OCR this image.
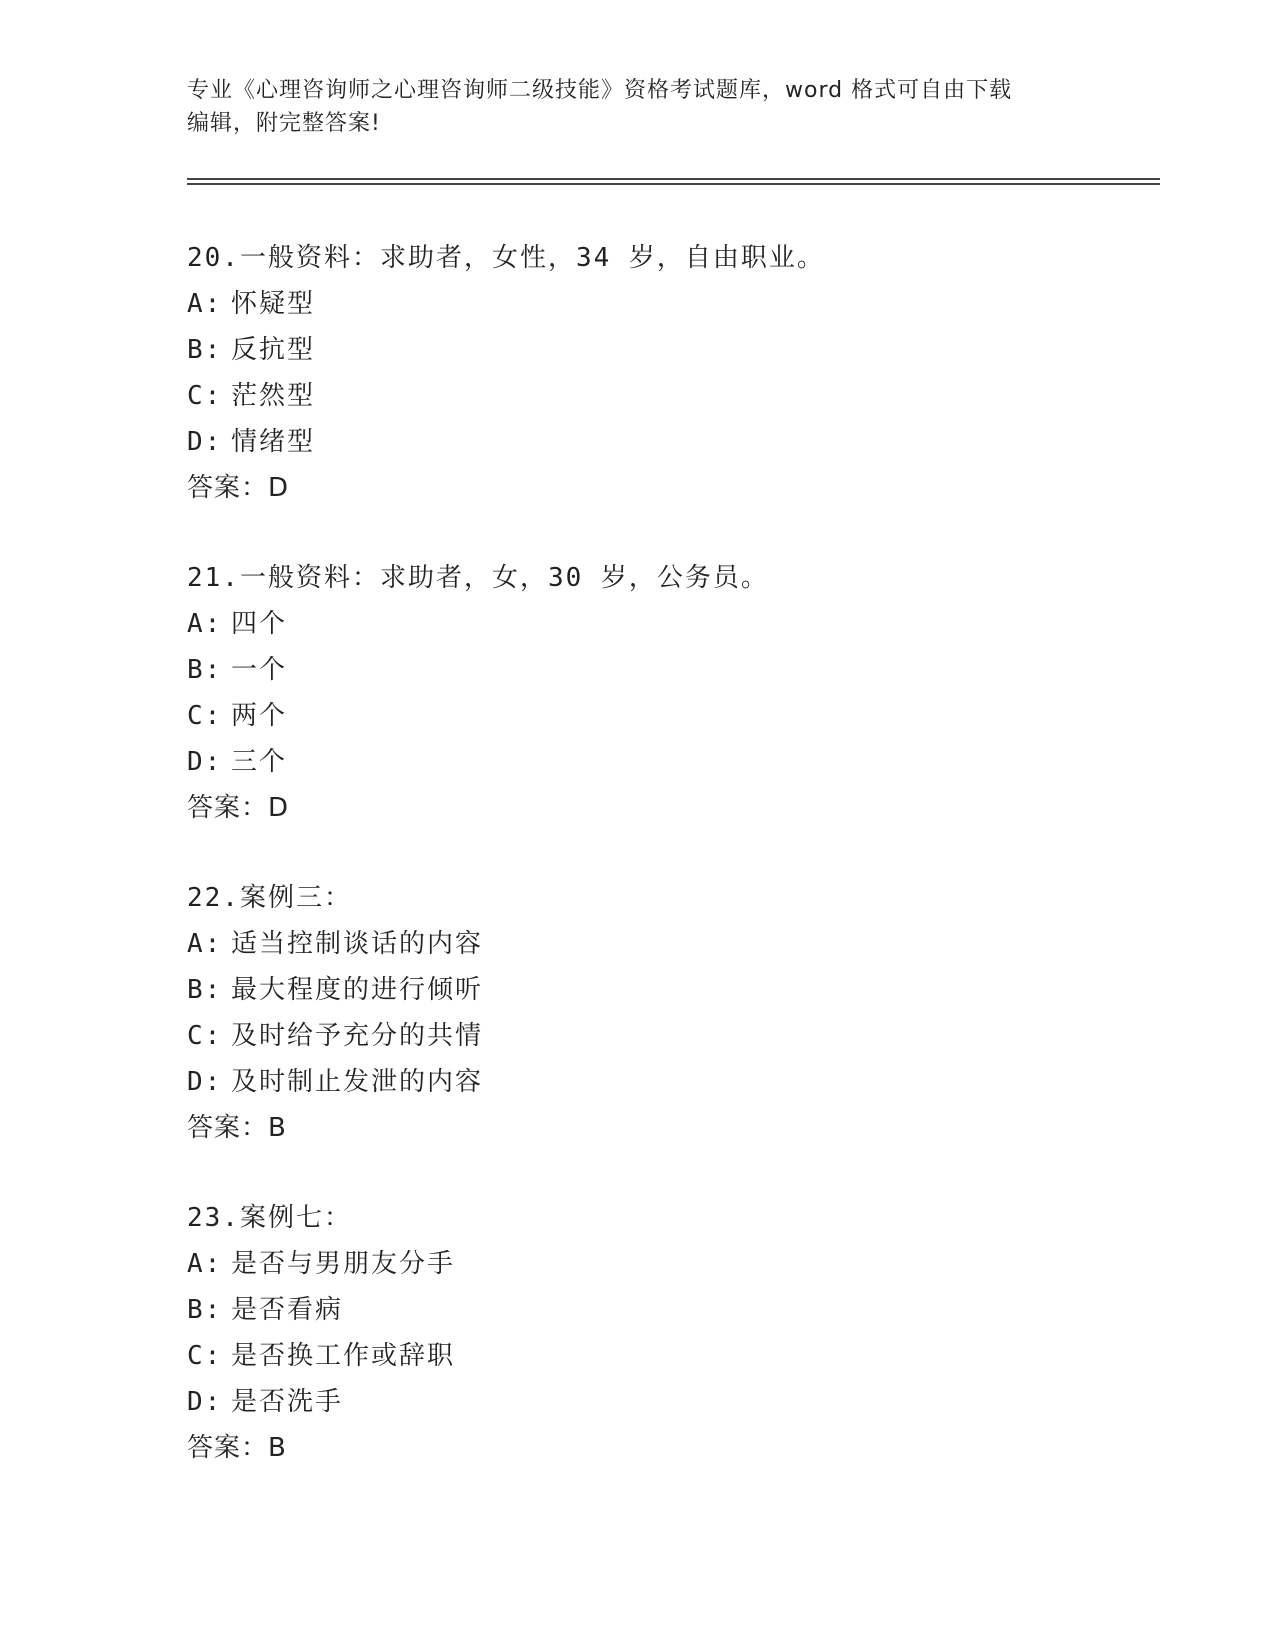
专业《心理咨询师之心理咨询师二级技能》资格考试题库，word 格式可自由下载
编辑，附完整答案!
20.一般资料：求助者，女性，34 岁，自由职业。
A: 怀疑型
B: 反抗型
C: 茫然型
D: 情绪型
答案：D
21.一般资料：求助者，女，30 岁，公务员。
A: 四个
B: 一个
C: 两个
D: 三个
答案：D
22.案例三：
A: 适当控制谈话的内容
B: 最大程度的进行倾听
C: 及时给予充分的共情
D: 及时制止发泄的内容
答案：B
23.案例七：
A: 是否与男朋友分手
B: 是否看病
C: 是否换工作或辞职
D: 是否洗手
答案：B
